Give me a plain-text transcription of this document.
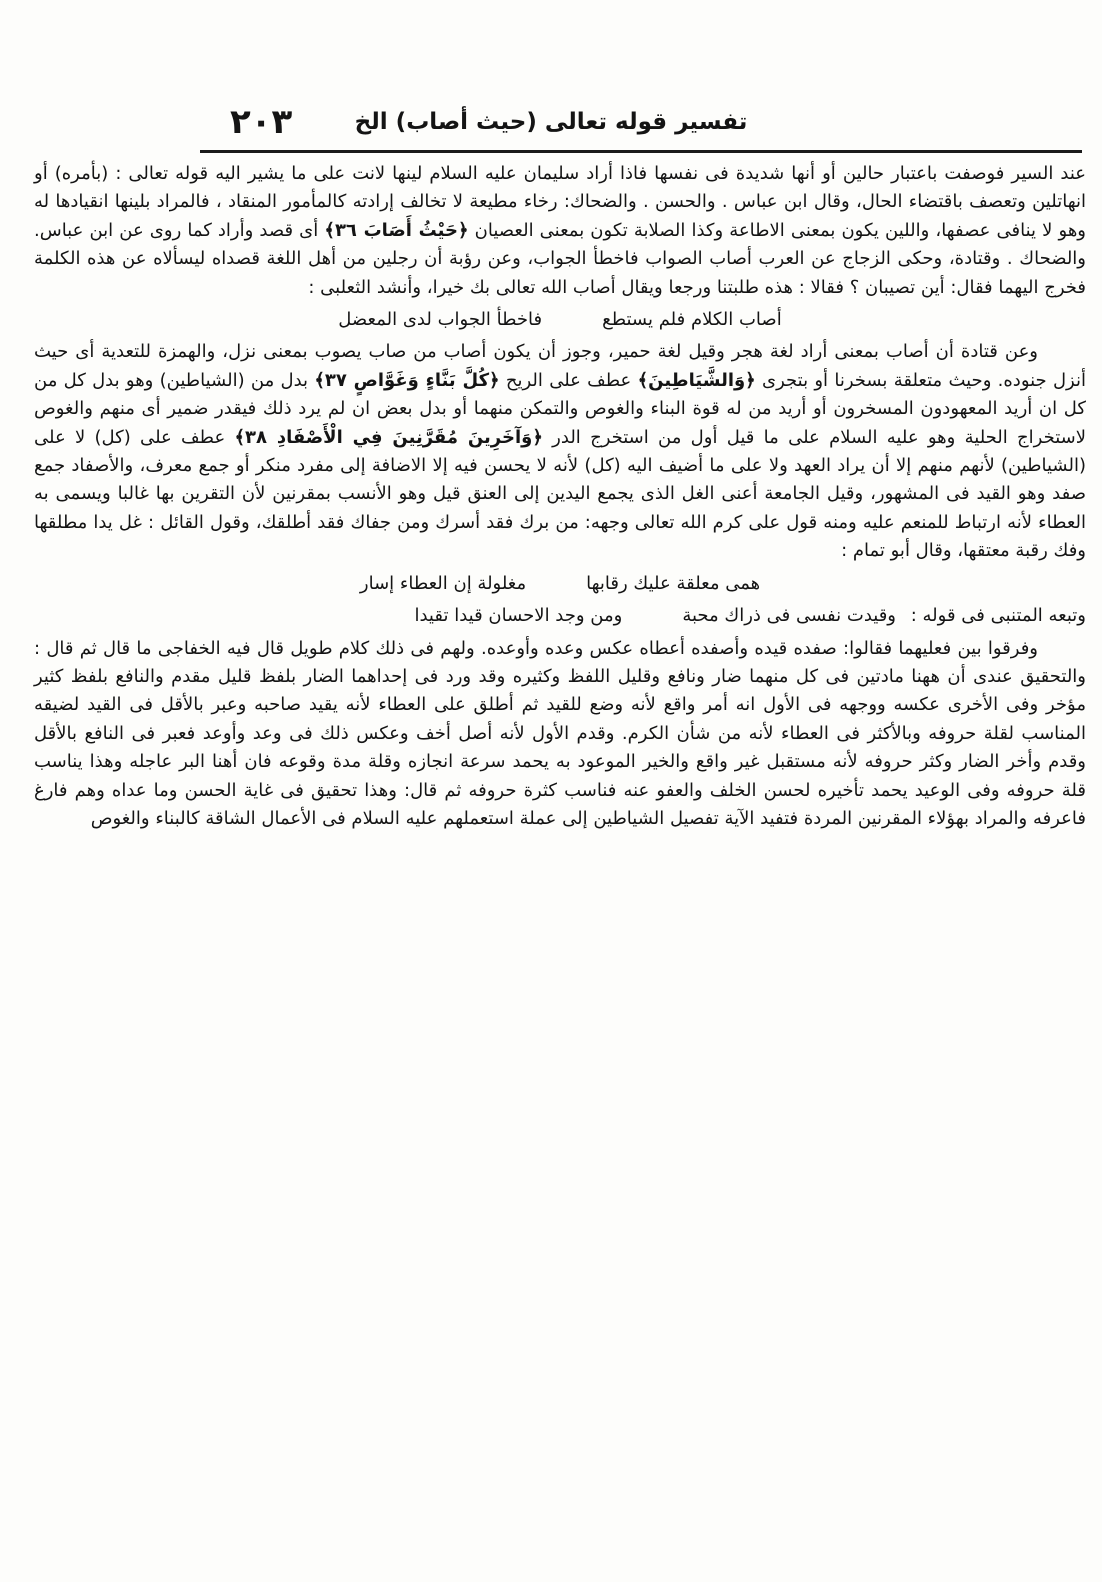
٢٠٣	تفسير قوله تعالى (حيث أصاب) الخ

عند السير فوصفت باعتبار حالين أو أنها شديدة فى نفسها فاذا أراد سليمان عليه السلام لينها لانت على ما يشير اليه قوله تعالى : (بأمره) أو انهاتلين وتعصف باقتضاء الحال، وقال ابن عباس . والحسن . والضحاك: رخاء مطيعة لا تخالف إرادته كالمأمور المنقاد ، فالمراد بلينها انقيادها له وهو لا ينافى عصفها، واللين يكون بمعنى الاطاعة وكذا الصلابة تكون بمعنى العصيان ﴿حَيْثُ أَصَابَ ٣٦﴾ أى قصد وأراد كما روى عن ابن عباس. والضحاك . وقتادة، وحكى الزجاج عن العرب أصاب الصواب فاخطأ الجواب، وعن رؤبة أن رجلين من أهل اللغة قصداه ليسألاه عن هذه الكلمة فخرج اليهما فقال: أين تصيبان ؟ فقالا : هذه طلبتنا ورجعا ويقال أصاب الله تعالى بك خيرا، وأنشد الثعلبى :

أصاب الكلام فلم يستطع
فاخطأ الجواب لدى المعضل

وعن قتادة أن أصاب بمعنى أراد لغة هجر وقيل لغة حمير، وجوز أن يكون أصاب من صاب يصوب بمعنى نزل، والهمزة للتعدية أى حيث أنزل جنوده. وحيث متعلقة بسخرنا أو بتجرى ﴿وَالشَّيَاطِينَ﴾ عطف على الريح ﴿كُلَّ بَنَّاءٍ وَغَوَّاصٍ ٣٧﴾ بدل من (الشياطين) وهو بدل كل من كل ان أريد المعهودون المسخرون أو أريد من له قوة البناء والغوص والتمكن منهما أو بدل بعض ان لم يرد ذلك فيقدر ضمير أى منهم والغوص لاستخراج الحلية وهو عليه السلام على ما قيل أول من استخرج الدر ﴿وَآخَرِينَ مُقَرَّنِينَ فِي الْأَصْفَادِ ٣٨﴾ عطف على (كل) لا على (الشياطين) لأنهم منهم إلا أن يراد العهد ولا على ما أضيف اليه (كل) لأنه لا يحسن فيه إلا الاضافة إلى مفرد منكر أو جمع معرف، والأصفاد جمع صفد وهو القيد فى المشهور، وقيل الجامعة أعنى الغل الذى يجمع اليدين إلى العنق قيل وهو الأنسب بمقرنين لأن التقرين بها غالبا ويسمى به العطاء لأنه ارتباط للمنعم عليه ومنه قول على كرم الله تعالى وجهه: من برك فقد أسرك ومن جفاك فقد أطلقك، وقول القائل : غل يدا مطلقها وفك رقبة معتقها، وقال أبو تمام :

همى معلقة عليك رقابها
مغلولة إن العطاء إسار
وتبعه المتنبى فى قوله :
وقيدت نفسى فى ذراك محبة
ومن وجد الاحسان قيدا تقيدا

وفرقوا بين فعليهما فقالوا: صفده قيده وأصفده أعطاه عكس وعده وأوعده. ولهم فى ذلك كلام طويل قال فيه الخفاجى ما قال ثم قال : والتحقيق عندى أن ههنا مادتين فى كل منهما ضار ونافع وقليل اللفظ وكثيره وقد ورد فى إحداهما الضار بلفظ قليل مقدم والنافع بلفظ كثير مؤخر وفى الأخرى عكسه ووجهه فى الأول انه أمر واقع لأنه وضع للقيد ثم أطلق على العطاء لأنه يقيد صاحبه وعبر بالأقل فى القيد لضيقه المناسب لقلة حروفه وبالأكثر فى العطاء لأنه من شأن الكرم. وقدم الأول لأنه أصل أخف وعكس ذلك فى وعد وأوعد فعبر فى النافع بالأقل وقدم وأخر الضار وكثر حروفه لأنه مستقبل غير واقع والخير الموعود به يحمد سرعة انجازه وقلة مدة وقوعه فان أهنا البر عاجله وهذا يناسب قلة حروفه وفى الوعيد يحمد تأخيره لحسن الخلف والعفو عنه فناسب كثرة حروفه ثم قال: وهذا تحقيق فى غاية الحسن وما عداه وهم فارغ فاعرفه والمراد بهؤلاء المقرنين المردة فتفيد الآية تفصيل الشياطين إلى عملة استعملهم عليه السلام فى الأعمال الشاقة كالبناء والغوص
